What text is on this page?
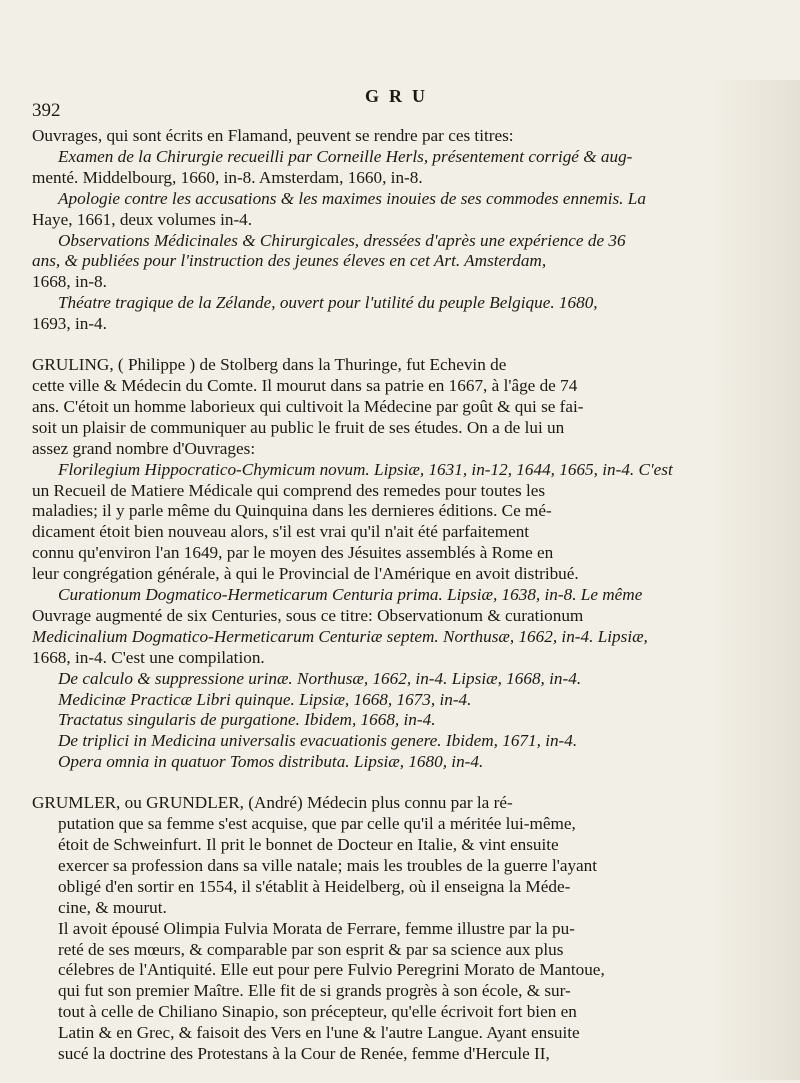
392
GRU
Ouvrages, qui sont écrits en Flamand, peuvent se rendre par ces titres:
Examen de la Chirurgie recueilli par Corneille Herls, présentement corrigé & aug-
menté. Middelbourg, 1660, in-8. Amsterdam, 1660, in-8.
Apologie contre les accusations & les maximes inouies de ses commodes ennemis. La
Haye, 1661, deux volumes in-4.
Observations Médicinales & Chirurgicales, dressées d'après une expérience de 36
ans, & publiées pour l'instruction des jeunes éleves en cet Art. Amsterdam,
1668, in-8.
Théatre tragique de la Zélande, ouvert pour l'utilité du peuple Belgique. 1680,
1693, in-4.
GRULING, ( Philippe ) de Stolberg dans la Thuringe, fut Echevin de
cette ville & Médecin du Comte. Il mourut dans sa patrie en 1667, à l'âge de 74
ans. C'étoit un homme laborieux qui cultivoit la Médecine par goût & qui se fai-
soit un plaisir de communiquer au public le fruit de ses études. On a de lui un
assez grand nombre d'Ouvrages:
Florilegium Hippocratico-Chymicum novum. Lipsiæ, 1631, in-12, 1644, 1665, in-4. C'est
un Recueil de Matiere Médicale qui comprend des remedes pour toutes les
maladies; il y parle même du Quinquina dans les dernieres éditions. Ce mé-
dicament étoit bien nouveau alors, s'il est vrai qu'il n'ait été parfaitement
connu qu'environ l'an 1649, par le moyen des Jésuites assemblés à Rome en
leur congrégation générale, à qui le Provincial de l'Amérique en avoit distribué.
Curationum Dogmatico-Hermeticarum Centuria prima. Lipsiæ, 1638, in-8. Le même
Ouvrage augmenté de six Centuries, sous ce titre: Observationum & curationum
Medicinalium Dogmatico-Hermeticarum Centuriæ septem. Northusæ, 1662, in-4. Lipsiæ,
1668, in-4. C'est une compilation.
De calculo & suppressione urinæ. Northusæ, 1662, in-4. Lipsiæ, 1668, in-4.
Medicinæ Practicæ Libri quinque. Lipsiæ, 1668, 1673, in-4.
Tractatus singularis de purgatione. Ibidem, 1668, in-4.
De triplici in Medicina universalis evacuationis genere. Ibidem, 1671, in-4.
Opera omnia in quatuor Tomos distributa. Lipsiæ, 1680, in-4.
GRUMLER, ou GRUNDLER, (André) Médecin plus connu par la ré-
putation que sa femme s'est acquise, que par celle qu'il a méritée lui-même,
étoit de Schweinfurt. Il prit le bonnet de Docteur en Italie, & vint ensuite
exercer sa profession dans sa ville natale; mais les troubles de la guerre l'ayant
obligé d'en sortir en 1554, il s'établit à Heidelberg, où il enseigna la Méde-
cine, & mourut.
Il avoit épousé Olimpia Fulvia Morata de Ferrare, femme illustre par la pu-
reté de ses mœurs, & comparable par son esprit & par sa science aux plus
célebres de l'Antiquité. Elle eut pour pere Fulvio Peregrini Morato de Mantoue,
qui fut son premier Maître. Elle fit de si grands progrès à son école, & sur-
tout à celle de Chiliano Sinapio, son précepteur, qu'elle écrivoit fort bien en
Latin & en Grec, & faisoit des Vers en l'une & l'autre Langue. Ayant ensuite
sucé la doctrine des Protestans à la Cour de Renée, femme d'Hercule II,
